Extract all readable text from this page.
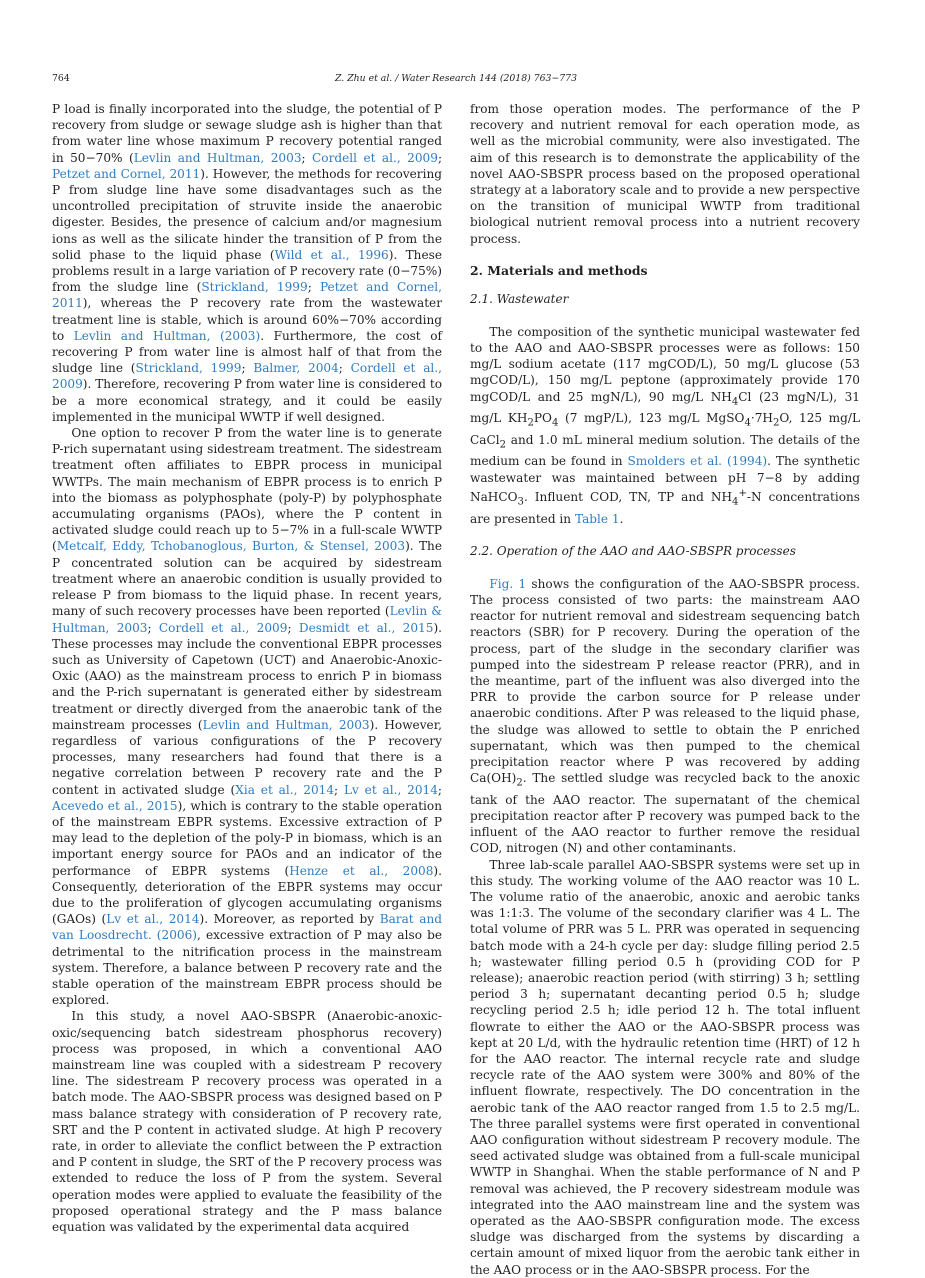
764	Z. Zhu et al. / Water Research 144 (2018) 763−773

P load is finally incorporated into the sludge, the potential of P recovery from sludge or sewage sludge ash is higher than that from water line whose maximum P recovery potential ranged in 50−70% (Levlin and Hultman, 2003; Cordell et al., 2009; Petzet and Cornel, 2011). However, the methods for recovering P from sludge line have some disadvantages such as the uncontrolled precipitation of struvite inside the anaerobic digester. Besides, the presence of calcium and/or magnesium ions as well as the silicate hinder the transition of P from the solid phase to the liquid phase (Wild et al., 1996). These problems result in a large variation of P recovery rate (0−75%) from the sludge line (Strickland, 1999; Petzet and Cornel, 2011), whereas the P recovery rate from the wastewater treatment line is stable, which is around 60%−70% according to Levlin and Hultman, (2003). Furthermore, the cost of recovering P from water line is almost half of that from the sludge line (Strickland, 1999; Balmer, 2004; Cordell et al., 2009). Therefore, recovering P from water line is considered to be a more economical strategy, and it could be easily implemented in the municipal WWTP if well designed.

One option to recover P from the water line is to generate P-rich supernatant using sidestream treatment. The sidestream treatment often affiliates to EBPR process in municipal WWTPs. The main mechanism of EBPR process is to enrich P into the biomass as polyphosphate (poly-P) by polyphosphate accumulating organisms (PAOs), where the P content in activated sludge could reach up to 5−7% in a full-scale WWTP (Metcalf, Eddy, Tchobanoglous, Burton, & Stensel, 2003). The P concentrated solution can be acquired by sidestream treatment where an anaerobic condition is usually provided to release P from biomass to the liquid phase. In recent years, many of such recovery processes have been reported (Levlin & Hultman, 2003; Cordell et al., 2009; Desmidt et al., 2015). These processes may include the conventional EBPR processes such as University of Capetown (UCT) and Anaerobic-Anoxic-Oxic (AAO) as the mainstream process to enrich P in biomass and the P-rich supernatant is generated either by sidestream treatment or directly diverged from the anaerobic tank of the mainstream processes (Levlin and Hultman, 2003). However, regardless of various configurations of the P recovery processes, many researchers had found that there is a negative correlation between P recovery rate and the P content in activated sludge (Xia et al., 2014; Lv et al., 2014; Acevedo et al., 2015), which is contrary to the stable operation of the mainstream EBPR systems. Excessive extraction of P may lead to the depletion of the poly-P in biomass, which is an important energy source for PAOs and an indicator of the performance of EBPR systems (Henze et al., 2008). Consequently, deterioration of the EBPR systems may occur due to the proliferation of glycogen accumulating organisms (GAOs) (Lv et al., 2014). Moreover, as reported by Barat and van Loosdrecht. (2006), excessive extraction of P may also be detrimental to the nitrification process in the mainstream system. Therefore, a balance between P recovery rate and the stable operation of the mainstream EBPR process should be explored.

In this study, a novel AAO-SBSPR (Anaerobic-anoxic-oxic/sequencing batch sidestream phosphorus recovery) process was proposed, in which a conventional AAO mainstream line was coupled with a sidestream P recovery line. The sidestream P recovery process was operated in a batch mode. The AAO-SBSPR process was designed based on P mass balance strategy with consideration of P recovery rate, SRT and the P content in activated sludge. At high P recovery rate, in order to alleviate the conflict between the P extraction and P content in sludge, the SRT of the P recovery process was extended to reduce the loss of P from the system. Several operation modes were applied to evaluate the feasibility of the proposed operational strategy and the P mass balance equation was validated by the experimental data acquired

from those operation modes. The performance of the P recovery and nutrient removal for each operation mode, as well as the microbial community, were also investigated. The aim of this research is to demonstrate the applicability of the novel AAO-SBSPR process based on the proposed operational strategy at a laboratory scale and to provide a new perspective on the transition of municipal WWTP from traditional biological nutrient removal process into a nutrient recovery process.

2. Materials and methods
2.1. Wastewater

The composition of the synthetic municipal wastewater fed to the AAO and AAO-SBSPR processes were as follows: 150 mg/L sodium acetate (117 mgCOD/L), 50 mg/L glucose (53 mgCOD/L), 150 mg/L peptone (approximately provide 170 mgCOD/L and 25 mgN/L), 90 mg/L $NH_4Cl$ (23 mgN/L), 31 mg/L $KH_2PO_4$ (7 mgP/L), 123 mg/L $MgSO_4\cdot 7H_2O$, 125 mg/L CaCl$_2$ and 1.0 mL mineral medium solution. The details of the medium can be found in Smolders et al. (1994). The synthetic wastewater was maintained between pH 7−8 by adding NaHCO$_3$. Influent COD, TN, TP and $NH_4^+-N$ concentrations are presented in Table 1.

2.2. Operation of the AAO and AAO-SBSPR processes

Fig. 1 shows the configuration of the AAO-SBSPR process. The process consisted of two parts: the mainstream AAO reactor for nutrient removal and sidestream sequencing batch reactors (SBR) for P recovery. During the operation of the process, part of the sludge in the secondary clarifier was pumped into the sidestream P release reactor (PRR), and in the meantime, part of the influent was also diverged into the PRR to provide the carbon source for P release under anaerobic conditions. After P was released to the liquid phase, the sludge was allowed to settle to obtain the P enriched supernatant, which was then pumped to the chemical precipitation reactor where P was recovered by adding $Ca(OH)_2$. The settled sludge was recycled back to the anoxic tank of the AAO reactor. The supernatant of the chemical precipitation reactor after P recovery was pumped back to the influent of the AAO reactor to further remove the residual COD, nitrogen (N) and other contaminants.

Three lab-scale parallel AAO-SBSPR systems were set up in this study. The working volume of the AAO reactor was 10 L. The volume ratio of the anaerobic, anoxic and aerobic tanks was 1:1:3. The volume of the secondary clarifier was 4 L. The total volume of PRR was 5 L. PRR was operated in sequencing batch mode with a 24-h cycle per day: sludge filling period 2.5 h; wastewater filling period 0.5 h (providing COD for P release); anaerobic reaction period (with stirring) 3 h; settling period 3 h; supernatant decanting period 0.5 h; sludge recycling period 2.5 h; idle period 12 h. The total influent flowrate to either the AAO or the AAO-SBSPR process was kept at 20 L/d, with the hydraulic retention time (HRT) of 12 h for the AAO reactor. The internal recycle rate and sludge recycle rate of the AAO system were 300% and 80% of the influent flowrate, respectively. The DO concentration in the aerobic tank of the AAO reactor ranged from 1.5 to 2.5 mg/L. The three parallel systems were first operated in conventional AAO configuration without sidestream P recovery module. The seed activated sludge was obtained from a full-scale municipal WWTP in Shanghai. When the stable performance of N and P removal was achieved, the P recovery sidestream module was integrated into the AAO mainstream line and the system was operated as the AAO-SBSPR configuration mode. The excess sludge was discharged from the systems by discarding a certain amount of mixed liquor from the aerobic tank either in the AAO process or in the AAO-SBSPR process. For the
